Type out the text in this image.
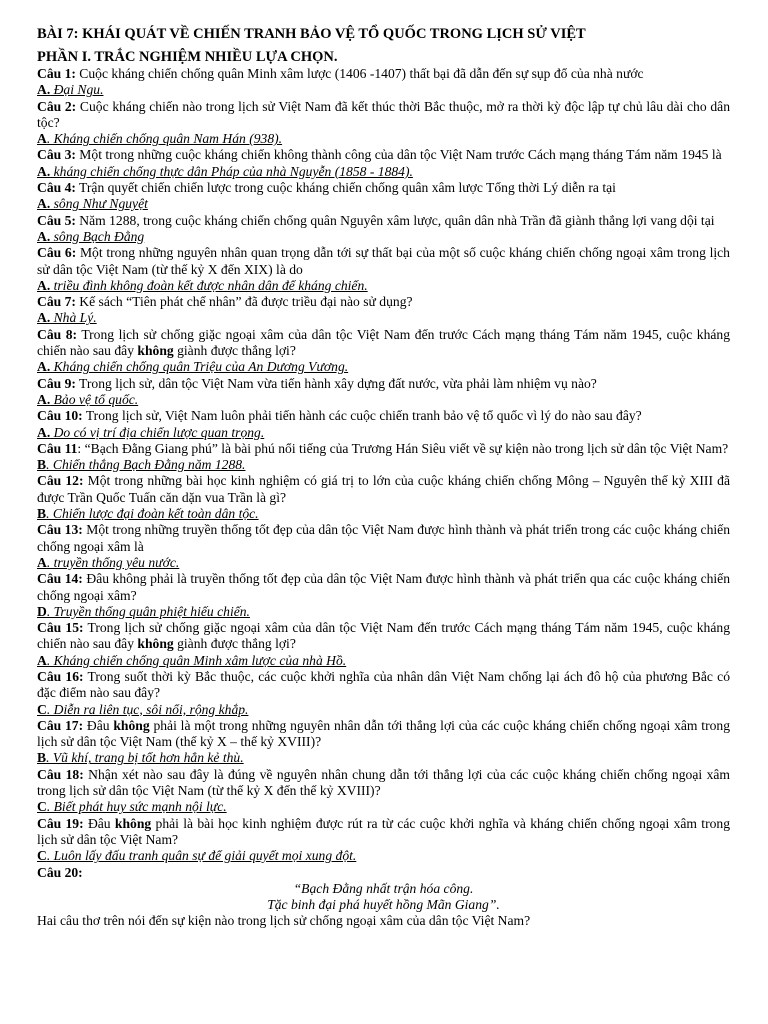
BÀI 7: KHÁI QUÁT VỀ CHIẾN TRANH BẢO VỆ TỔ QUỐC TRONG LỊCH SỬ VIỆT

PHẦN I. TRẮC NGHIỆM NHIỀU LỰA CHỌN.

Câu 1: Cuộc kháng chiến chống quân Minh xâm lược (1406 -1407) thất bại đã dẫn đến sự sụp đổ của nhà nước

A. Đại Ngu.

Câu 2: Cuộc kháng chiến nào trong lịch sử Việt Nam đã kết thúc thời Bắc thuộc, mở ra thời kỳ độc lập tự chủ lâu dài cho dân tộc?

A. Kháng chiến chống quân Nam Hán (938).

Câu 3: Một trong những cuộc kháng chiến không thành công của dân tộc Việt Nam trước Cách mạng tháng Tám năm 1945 là

A. kháng chiến chống thực dân Pháp của nhà Nguyễn (1858 - 1884).

Câu 4: Trận quyết chiến chiến lược trong cuộc kháng chiến chống quân xâm lược Tống thời Lý diễn ra tại

A. sông Như Nguyệt

Câu 5: Năm 1288, trong cuộc kháng chiến chống quân Nguyên xâm lược, quân dân nhà Trần đã giành thắng lợi vang dội tại

A. sông Bạch Đằng

Câu 6: Một trong những nguyên nhân quan trọng dẫn tới sự thất bại của một số cuộc kháng chiến chống ngoại xâm trong lịch sử dân tộc Việt Nam (từ thế kỷ X đến XIX) là do

A. triều đình không đoàn kết được nhân dân để kháng chiến.

Câu 7: Kế sách “Tiên phát chế nhân” đã được triều đại nào sử dụng?

A. Nhà Lý.

Câu 8: Trong lịch sử chống giặc ngoại xâm của dân tộc Việt Nam đến trước Cách mạng tháng Tám năm 1945, cuộc kháng chiến nào sau đây không giành được thắng lợi?

A. Kháng chiến chống quân Triệu của An Dương Vương.

Câu 9: Trong lịch sử, dân tộc Việt Nam vừa tiến hành xây dựng đất nước, vừa phải làm nhiệm vụ nào?

A. Bảo vệ tổ quốc.

Câu 10: Trong lịch sử, Việt Nam luôn phải tiến hành các cuộc chiến tranh bảo vệ tổ quốc vì lý do nào sau đây?

A. Do có vị trí địa chiến lược quan trọng.

Câu 11: “Bạch Đằng Giang phú” là bài phú nổi tiếng của Trương Hán Siêu viết về sự kiện nào trong lịch sử dân tộc Việt Nam?

B. Chiến thắng Bạch Đằng năm 1288.

Câu 12: Một trong những bài học kinh nghiệm có giá trị to lớn của cuộc kháng chiến chống Mông – Nguyên thế kỷ XIII đã được Trần Quốc Tuấn căn dặn vua Trần là gì?

B. Chiến lược đại đoàn kết toàn dân tộc.

Câu 13: Một trong những truyền thống tốt đẹp của dân tộc Việt Nam được hình thành và phát triển trong các cuộc kháng chiến chống ngoại xâm là

A. truyền thống yêu nước.

Câu 14: Đâu không phải là truyền thống tốt đẹp của dân tộc Việt Nam được hình thành và phát triển qua các cuộc kháng chiến chống ngoại xâm?

D. Truyền thống quân phiệt hiếu chiến.

Câu 15: Trong lịch sử chống giặc ngoại xâm của dân tộc Việt Nam đến trước Cách mạng tháng Tám năm 1945, cuộc kháng chiến nào sau đây không giành được thắng lợi?

A. Kháng chiến chống quân Minh xâm lược của nhà Hồ.

Câu 16: Trong suốt thời kỳ Bắc thuộc, các cuộc khởi nghĩa của nhân dân Việt Nam chống lại ách đô hộ của phương Bắc có đặc điểm nào sau đây?

C. Diễn ra liên tục, sôi nổi, rộng khắp.

Câu 17: Đâu không phải là một trong những nguyên nhân dẫn tới thắng lợi của các cuộc kháng chiến chống ngoại xâm trong lịch sử dân tộc Việt Nam (thế kỷ X – thế kỷ XVIII)?

B. Vũ khí, trang bị tốt hơn hẳn kẻ thù.

Câu 18: Nhận xét nào sau đây là đúng về nguyên nhân chung dẫn tới thắng lợi của các cuộc kháng chiến chống ngoại xâm trong lịch sử dân tộc Việt Nam (từ thế kỷ X đến thế kỷ XVIII)?

C. Biết phát huy sức mạnh nội lực.

Câu 19: Đâu không phải là bài học kinh nghiệm được rút ra từ các cuộc khởi nghĩa và kháng chiến chống ngoại xâm trong lịch sử dân tộc Việt Nam?

C. Luôn lấy đấu tranh quân sự để giải quyết mọi xung đột.

Câu 20:

“Bạch Đằng nhất trận hóa công.

Tặc binh đại phá huyết hồng Mãn Giang”.

Hai câu thơ trên nói đến sự kiện nào trong lịch sử chống ngoại xâm của dân tộc Việt Nam?
